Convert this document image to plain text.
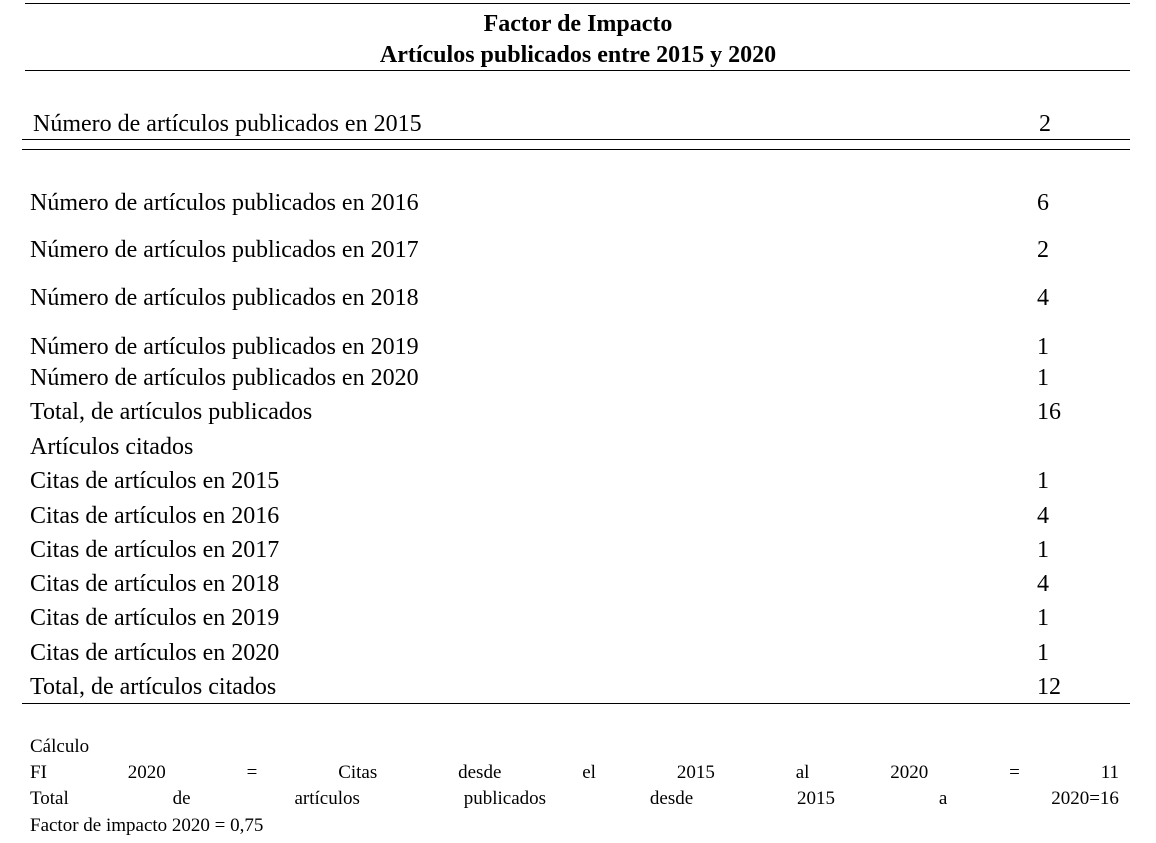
Factor de Impacto
Artículos publicados entre 2015 y 2020
Número de artículos publicados en 2015	2
Número de artículos publicados en 2016	6
Número de artículos publicados en 2017	2
Número de artículos publicados en 2018	4
Número de artículos publicados en 2019	1
Número de artículos publicados en 2020	1
Total, de artículos publicados	16
Artículos citados
Citas de artículos en 2015	1
Citas de artículos en 2016	4
Citas de artículos en 2017	1
Citas de artículos en 2018	4
Citas de artículos en 2019	1
Citas de artículos en 2020	1
Total, de artículos citados	12
Cálculo
FI	2020	=	Citas	desde	el	2015	al	2020	=	11
Total	de	artículos	publicados	desde	2015	a	2020=16
Factor de impacto 2020 = 0,75
